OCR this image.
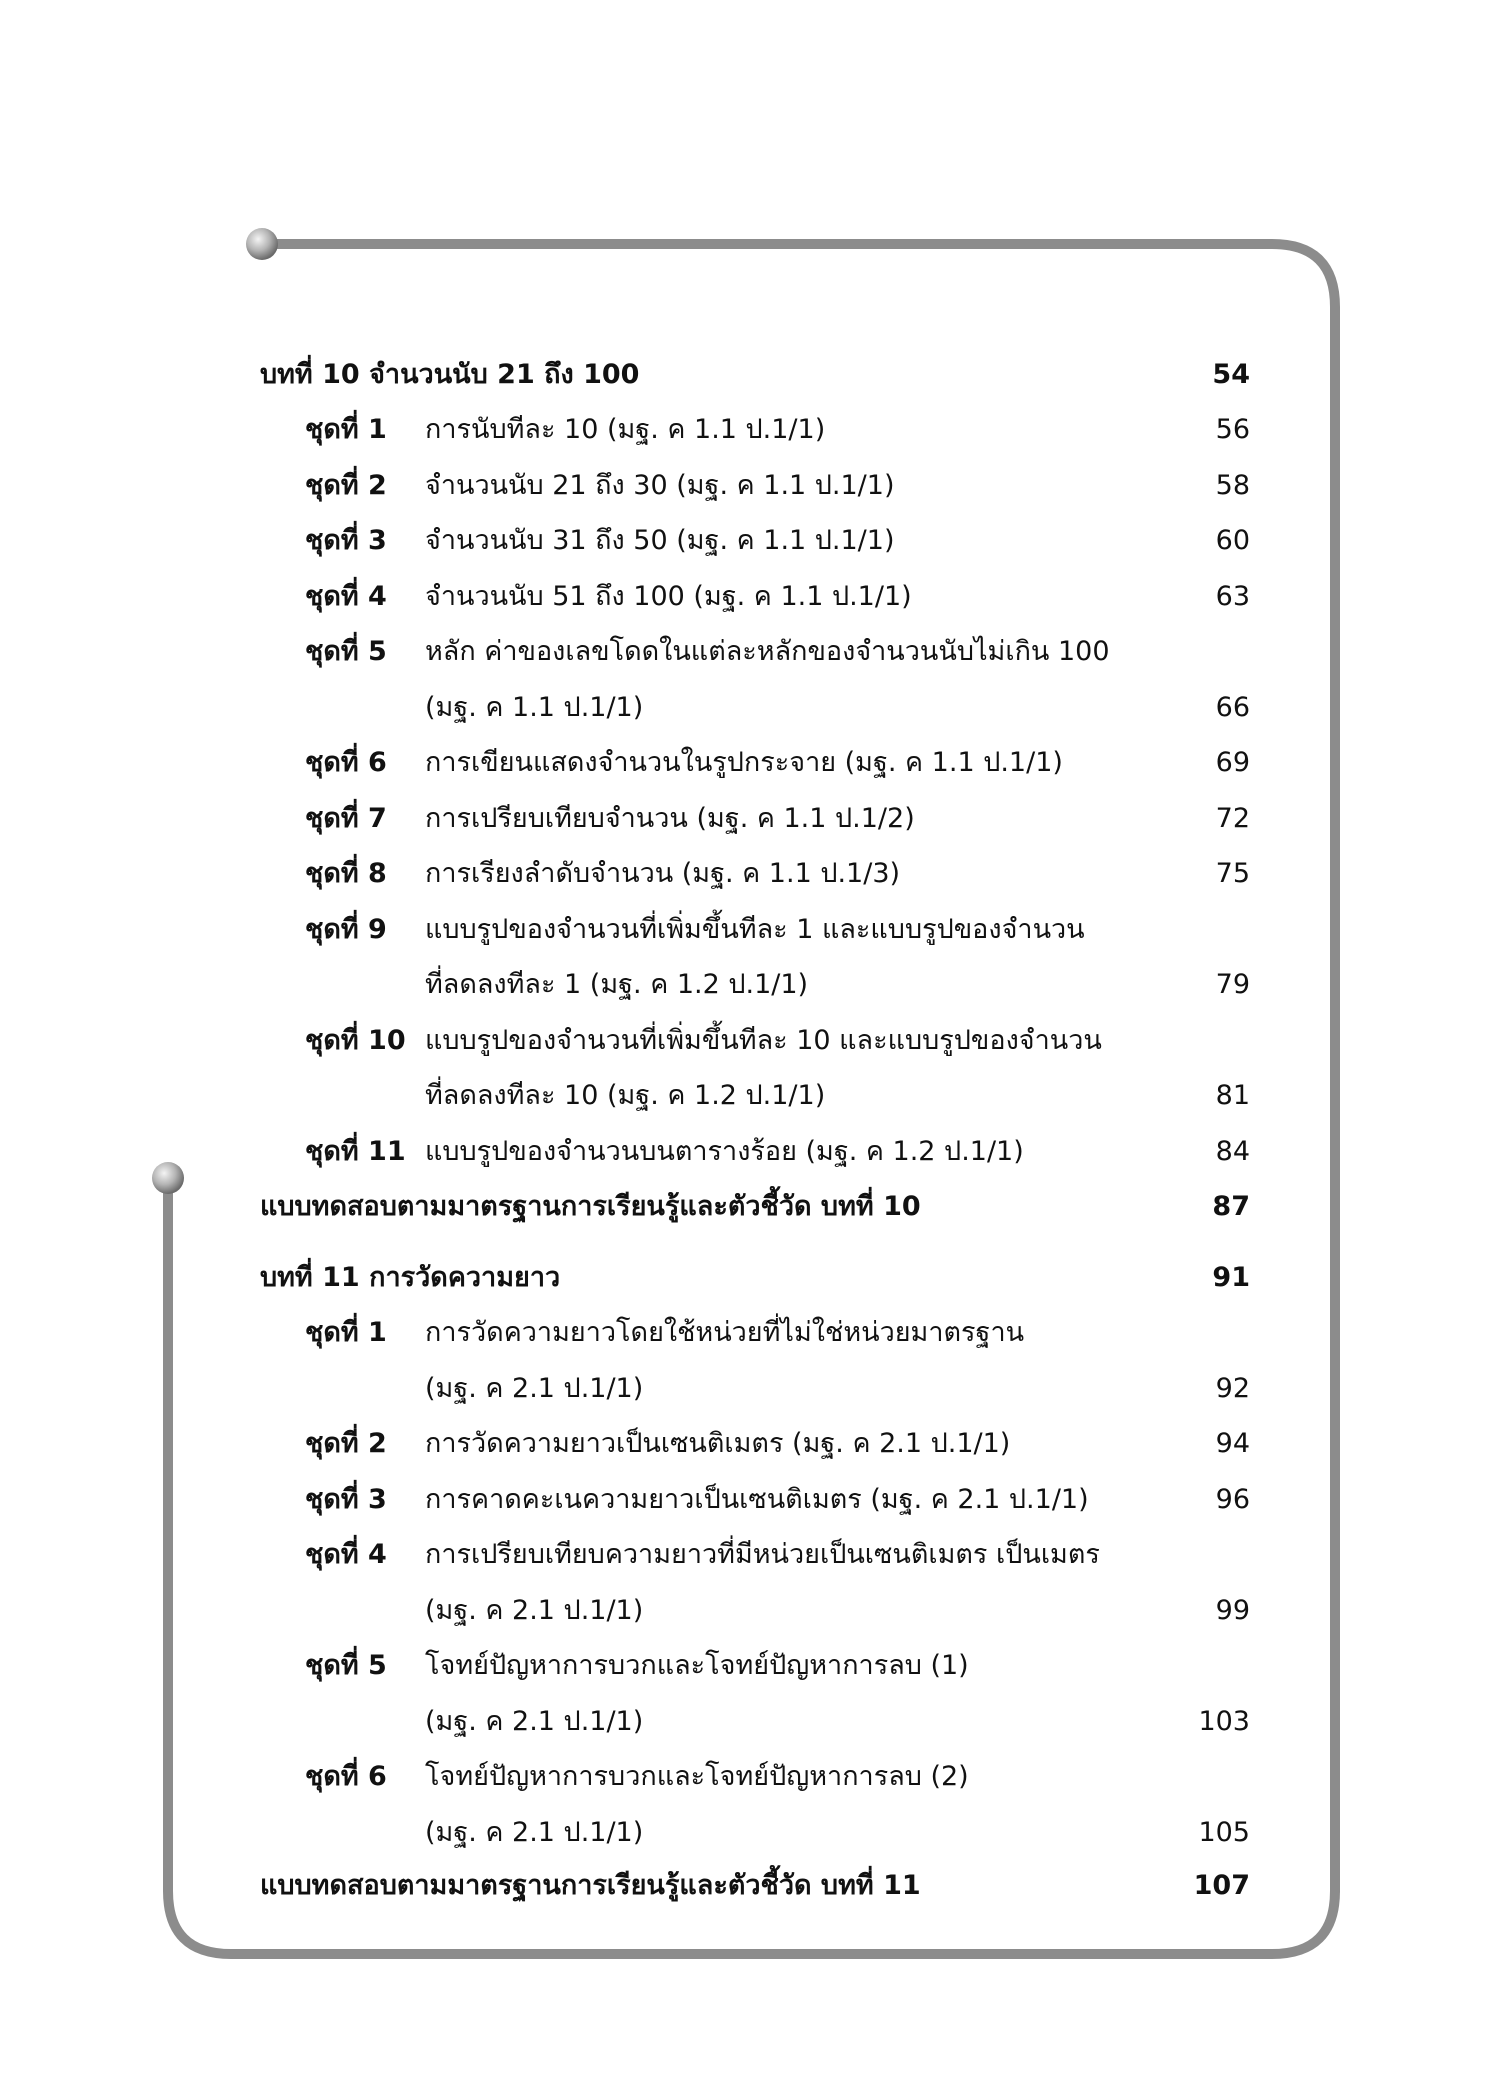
บทที่ 10 จำนวนนับ 21 ถึง 100	54
ชุดที่ 1 การนับทีละ 10 (มฐ. ค 1.1 ป.1/1)	56
ชุดที่ 2 จำนวนนับ 21 ถึง 30 (มฐ. ค 1.1 ป.1/1)	58
ชุดที่ 3 จำนวนนับ 31 ถึง 50 (มฐ. ค 1.1 ป.1/1)	60
ชุดที่ 4 จำนวนนับ 51 ถึง 100 (มฐ. ค 1.1 ป.1/1)	63
ชุดที่ 5 หลัก ค่าของเลขโดดในแต่ละหลักของจำนวนนับไม่เกิน 100
(มฐ. ค 1.1 ป.1/1)	66
ชุดที่ 6 การเขียนแสดงจำนวนในรูปกระจาย (มฐ. ค 1.1 ป.1/1)	69
ชุดที่ 7 การเปรียบเทียบจำนวน (มฐ. ค 1.1 ป.1/2)	72
ชุดที่ 8 การเรียงลำดับจำนวน (มฐ. ค 1.1 ป.1/3)	75
ชุดที่ 9 แบบรูปของจำนวนที่เพิ่มขึ้นทีละ 1 และแบบรูปของจำนวน
ที่ลดลงทีละ 1 (มฐ. ค 1.2 ป.1/1)	79
ชุดที่ 10 แบบรูปของจำนวนที่เพิ่มขึ้นทีละ 10 และแบบรูปของจำนวน
ที่ลดลงทีละ 10 (มฐ. ค 1.2 ป.1/1)	81
ชุดที่ 11 แบบรูปของจำนวนบนตารางร้อย (มฐ. ค 1.2 ป.1/1)	84
แบบทดสอบตามมาตรฐานการเรียนรู้และตัวชี้วัด บทที่ 10	87
บทที่ 11 การวัดความยาว	91
ชุดที่ 1 การวัดความยาวโดยใช้หน่วยที่ไม่ใช่หน่วยมาตรฐาน
(มฐ. ค 2.1 ป.1/1)	92
ชุดที่ 2 การวัดความยาวเป็นเซนติเมตร (มฐ. ค 2.1 ป.1/1)	94
ชุดที่ 3 การคาดคะเนความยาวเป็นเซนติเมตร (มฐ. ค 2.1 ป.1/1)	96
ชุดที่ 4 การเปรียบเทียบความยาวที่มีหน่วยเป็นเซนติเมตร เป็นเมตร
(มฐ. ค 2.1 ป.1/1)	99
ชุดที่ 5 โจทย์ปัญหาการบวกและโจทย์ปัญหาการลบ (1)
(มฐ. ค 2.1 ป.1/1)	103
ชุดที่ 6 โจทย์ปัญหาการบวกและโจทย์ปัญหาการลบ (2)
(มฐ. ค 2.1 ป.1/1)	105
แบบทดสอบตามมาตรฐานการเรียนรู้และตัวชี้วัด บทที่ 11	107
